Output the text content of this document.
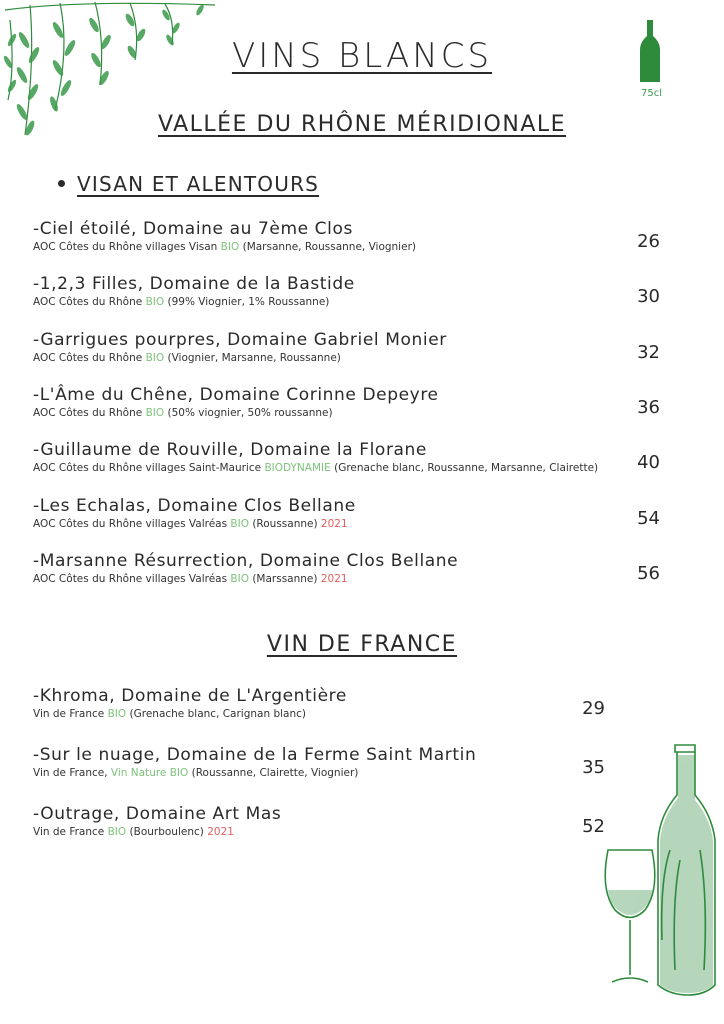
VINS BLANCS
75cl
VALLÉE DU RHÔNE MÉRIDIONALE
VISAN ET ALENTOURS
-Ciel étoilé, Domaine au 7ème Clos
AOC Côtes du Rhône villages Visan BIO (Marsanne, Roussanne, Viognier)	26
-1,2,3 Filles, Domaine de la Bastide
AOC Côtes du Rhône BIO (99% Viognier, 1% Roussanne)	30
-Garrigues pourpres, Domaine Gabriel Monier
AOC Côtes du Rhône BIO (Viognier, Marsanne, Roussanne)	32
-L'Âme du Chêne, Domaine Corinne Depeyre
AOC Côtes du Rhône BIO (50% viognier, 50% roussanne)	36
-Guillaume de Rouville, Domaine la Florane
AOC Côtes du Rhône villages Saint-Maurice BIODYNAMIE (Grenache blanc, Roussanne, Marsanne, Clairette)	40
-Les Echalas, Domaine Clos Bellane
AOC Côtes du Rhône villages Valréas BIO (Roussanne) 2021	54
-Marsanne Résurrection, Domaine Clos Bellane
AOC Côtes du Rhône villages Valréas BIO (Marssanne) 2021	56
VIN DE FRANCE
-Khroma, Domaine de L'Argentière
Vin de France BIO (Grenache blanc, Carignan blanc)	29
-Sur le nuage, Domaine de la Ferme Saint Martin
Vin de France, Vin Nature BIO (Roussanne, Clairette, Viognier)	35
-Outrage, Domaine Art Mas
Vin de France BIO (Bourboulenc) 2021	52
